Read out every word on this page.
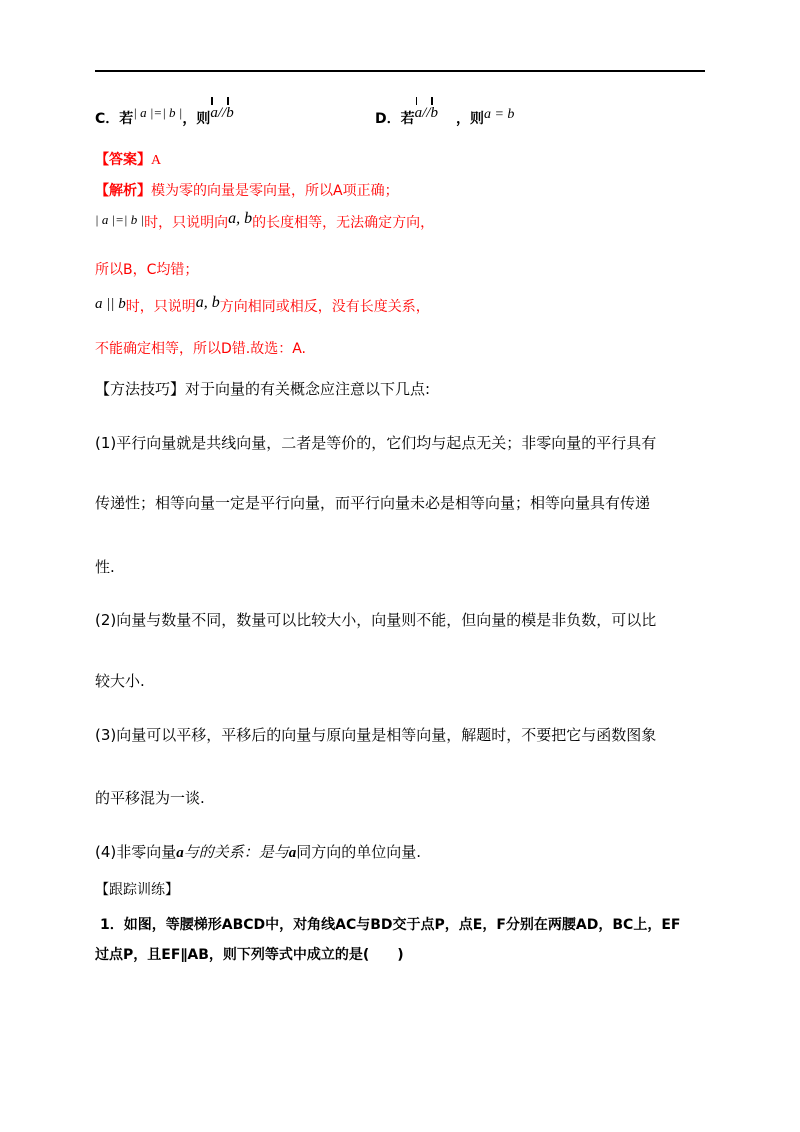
C．若| a |=| b |，则a//b	D．若a//b ，则a = b
【答案】A
【解析】模为零的向量是零向量，所以A项正确；
| a |=| b |时，只说明向a, b的长度相等，无法确定方向，
所以B，C均错；
a || b时，只说明a, b方向相同或相反，没有长度关系，
不能确定相等，所以D错.故选：A.
【方法技巧】对于向量的有关概念应注意以下几点:
(1)平行向量就是共线向量，二者是等价的，它们均与起点无关；非零向量的平行具有
传递性；相等向量一定是平行向量，而平行向量未必是相等向量；相等向量具有传递
性.
(2)向量与数量不同，数量可以比较大小，向量则不能，但向量的模是非负数，可以比
较大小.
(3)向量可以平移，平移后的向量与原向量是相等向量，解题时，不要把它与函数图象
的平移混为一谈.
(4)非零向量a与的关系：是与a同方向的单位向量.
【跟踪训练】
1．如图，等腰梯形ABCD中，对角线AC与BD交于点P，点E，F分别在两腰AD，BC上，EF
过点P，且EF∥AB，则下列等式中成立的是(　　)
